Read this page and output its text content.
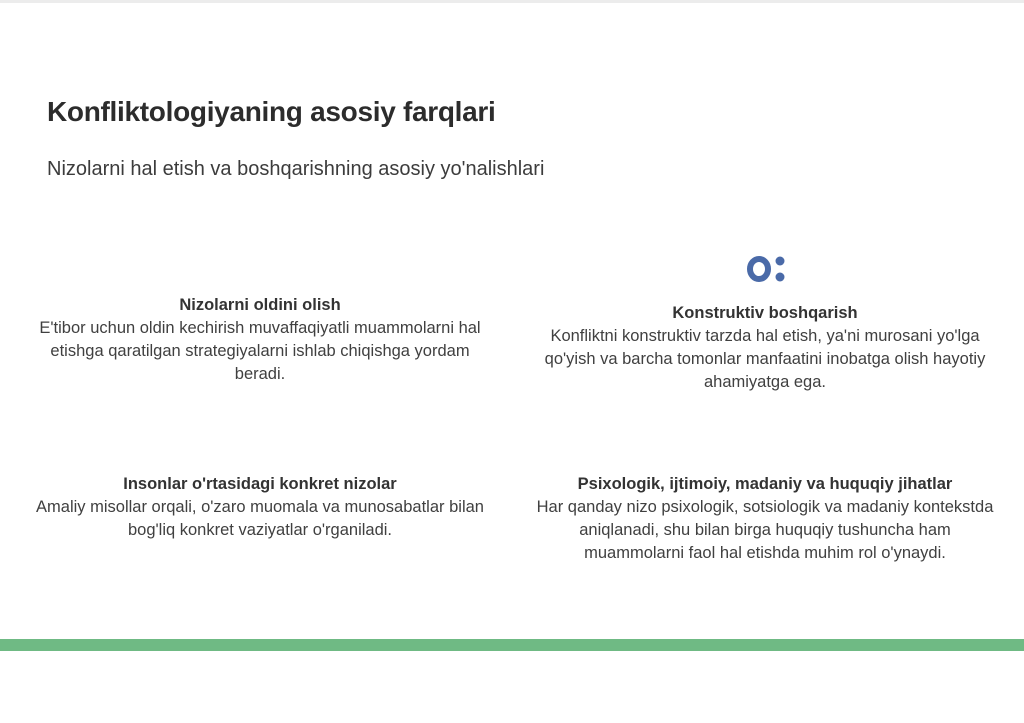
Konfliktologiyaning asosiy farqlari
Nizolarni hal etish va boshqarishning asosiy yo'nalishlari
Nizolarni oldini olish
E'tibor uchun oldin kechirish muvaffaqiyatli muammolarni hal etishga qaratilgan strategiyalarni ishlab chiqishga yordam beradi.
Konstruktiv boshqarish
Konfliktni konstruktiv tarzda hal etish, ya'ni murosani yo'lga qo'yish va barcha tomonlar manfaatini inobatga olish hayotiy ahamiyatga ega.
Insonlar o'rtasidagi konkret nizolar
Amaliy misollar orqali, o'zaro muomala va munosabatlar bilan bog'liq konkret vaziyatlar o'rganiladi.
Psixologik, ijtimoiy, madaniy va huquqiy jihatlar
Har qanday nizo psixologik, sotsiologik va madaniy kontekstda aniqlanadi, shu bilan birga huquqiy tushuncha ham muammolarni faol hal etishda muhim rol o'ynaydi.
